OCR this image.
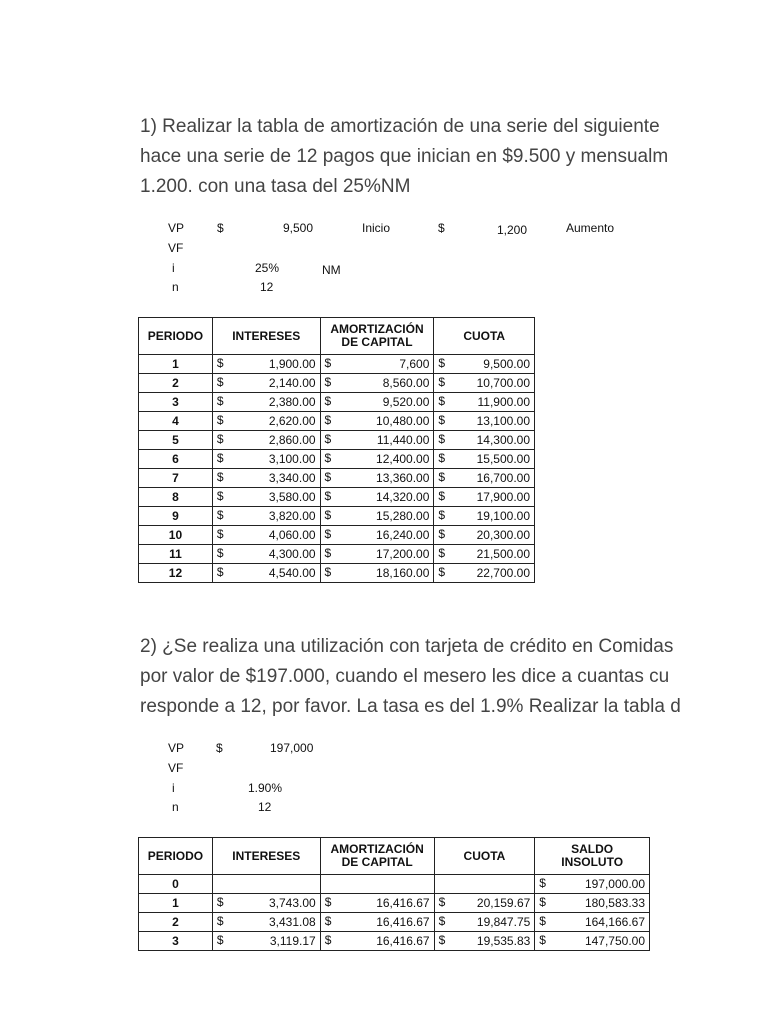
1) Realizar la tabla de amortización de una serie del siguiente
hace una serie de 12 pagos que inician en $9.500 y mensualm
1.200. con una tasa del 25%NM
VP	$	9,500	Inicio	$	1,200	Aumento
VF
i	25%	NM
n	12
PERIODO	INTERESES	AMORTIZACIÓN DE CAPITAL	CUOTA
1	$ 1,900.00	$ 7,600	$ 9,500.00

2	$ 2,140.00	$ 8,560.00	$ 10,700.00

3	$ 2,380.00	$ 9,520.00	$ 11,900.00

4	$ 2,620.00	$ 10,480.00	$ 13,100.00

5	$ 2,860.00	$ 11,440.00	$ 14,300.00

6	$ 3,100.00	$ 12,400.00	$ 15,500.00

7	$ 3,340.00	$ 13,360.00	$ 16,700.00

8	$ 3,580.00	$ 14,320.00	$ 17,900.00

9	$ 3,820.00	$ 15,280.00	$ 19,100.00

10	$ 4,060.00	$ 16,240.00	$ 20,300.00

11	$ 4,300.00	$ 17,200.00	$ 21,500.00

12	$ 4,540.00	$ 18,160.00	$ 22,700.00
2) ¿Se realiza una utilización con tarjeta de crédito en Comidas
por valor de $197.000, cuando el mesero les dice a cuantas cu
responde a 12, por favor. La tasa es del 1.9% Realizar la tabla d
VP	$	197,000
VF
i	1.90%
n	12
PERIODO	INTERESES	AMORTIZACIÓN DE CAPITAL	CUOTA	SALDO INSOLUTO
0				$ 197,000.00

1	$ 3,743.00	$ 16,416.67	$ 20,159.67	$ 180,583.33

2	$ 3,431.08	$ 16,416.67	$ 19,847.75	$ 164,166.67

3	$ 3,119.17	$ 16,416.67	$ 19,535.83	$ 147,750.00
